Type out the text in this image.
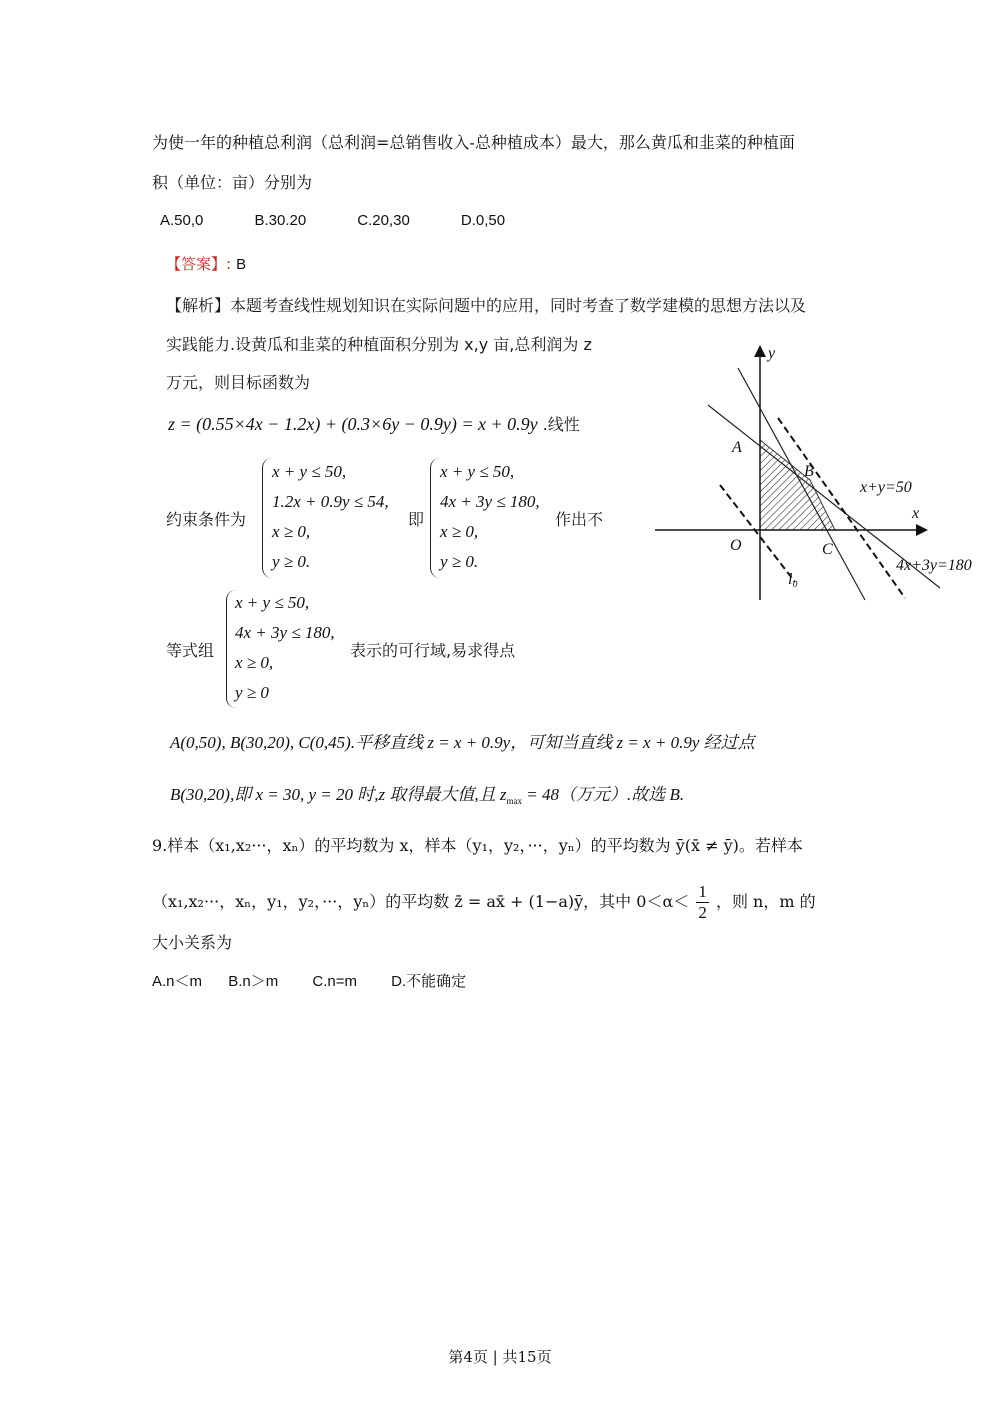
为使一年的种植总利润（总利润=总销售收入-总种植成本）最大，那么黄瓜和韭菜的种植面
积（单位：亩）分别为
A.50,0	B.30.20	C.20,30	D.0,50
【答案】: B
【解析】本题考查线性规划知识在实际问题中的应用，同时考查了数学建模的思想方法以及
实践能力.设黄瓜和韭菜的种植面积分别为 x,y 亩,总利润为 z
万元，则目标函数为
z = (0.55×4x − 1.2x) + (0.3×6y − 0.9y) = x + 0.9y .线性
约束条件为
x + y ≤ 50,
1.2x + 0.9y ≤ 54,
x ≥ 0,
y ≥ 0.
即
x + y ≤ 50,
4x + 3y ≤ 180,
x ≥ 0,
y ≥ 0.
作出不
等式组
x + y ≤ 50,
4x + 3y ≤ 180,
x ≥ 0,
y ≥ 0
表示的可行域,易求得点
x
y
O
A
B
C
l₀
x+y=50
4x+3y=180
A(0,50), B(30,20), C(0,45).平移直线 z = x + 0.9y，可知当直线 z = x + 0.9y 经过点
B(30,20),即 x = 30, y = 20 时,z 取得最大值,且 $z_{max} = 48$（万元）.故选 B.
9.样本（x₁,x₂···，xₙ）的平均数为 x，样本（y₁，y₂，···，yₙ）的平均数为 ȳ(x̄ ≠ ȳ)。若样本
（x₁,x₂···，xₙ，y₁，y₂，···，yₙ）的平均数 z̄ = ax̄ + (1−a)ȳ，其中 $0<\alpha< \frac{1}{2}$ ，则 n，m 的
大小关系为
A.n＜m B.n＞m C.n=m D.不能确定
第4页 | 共15页
